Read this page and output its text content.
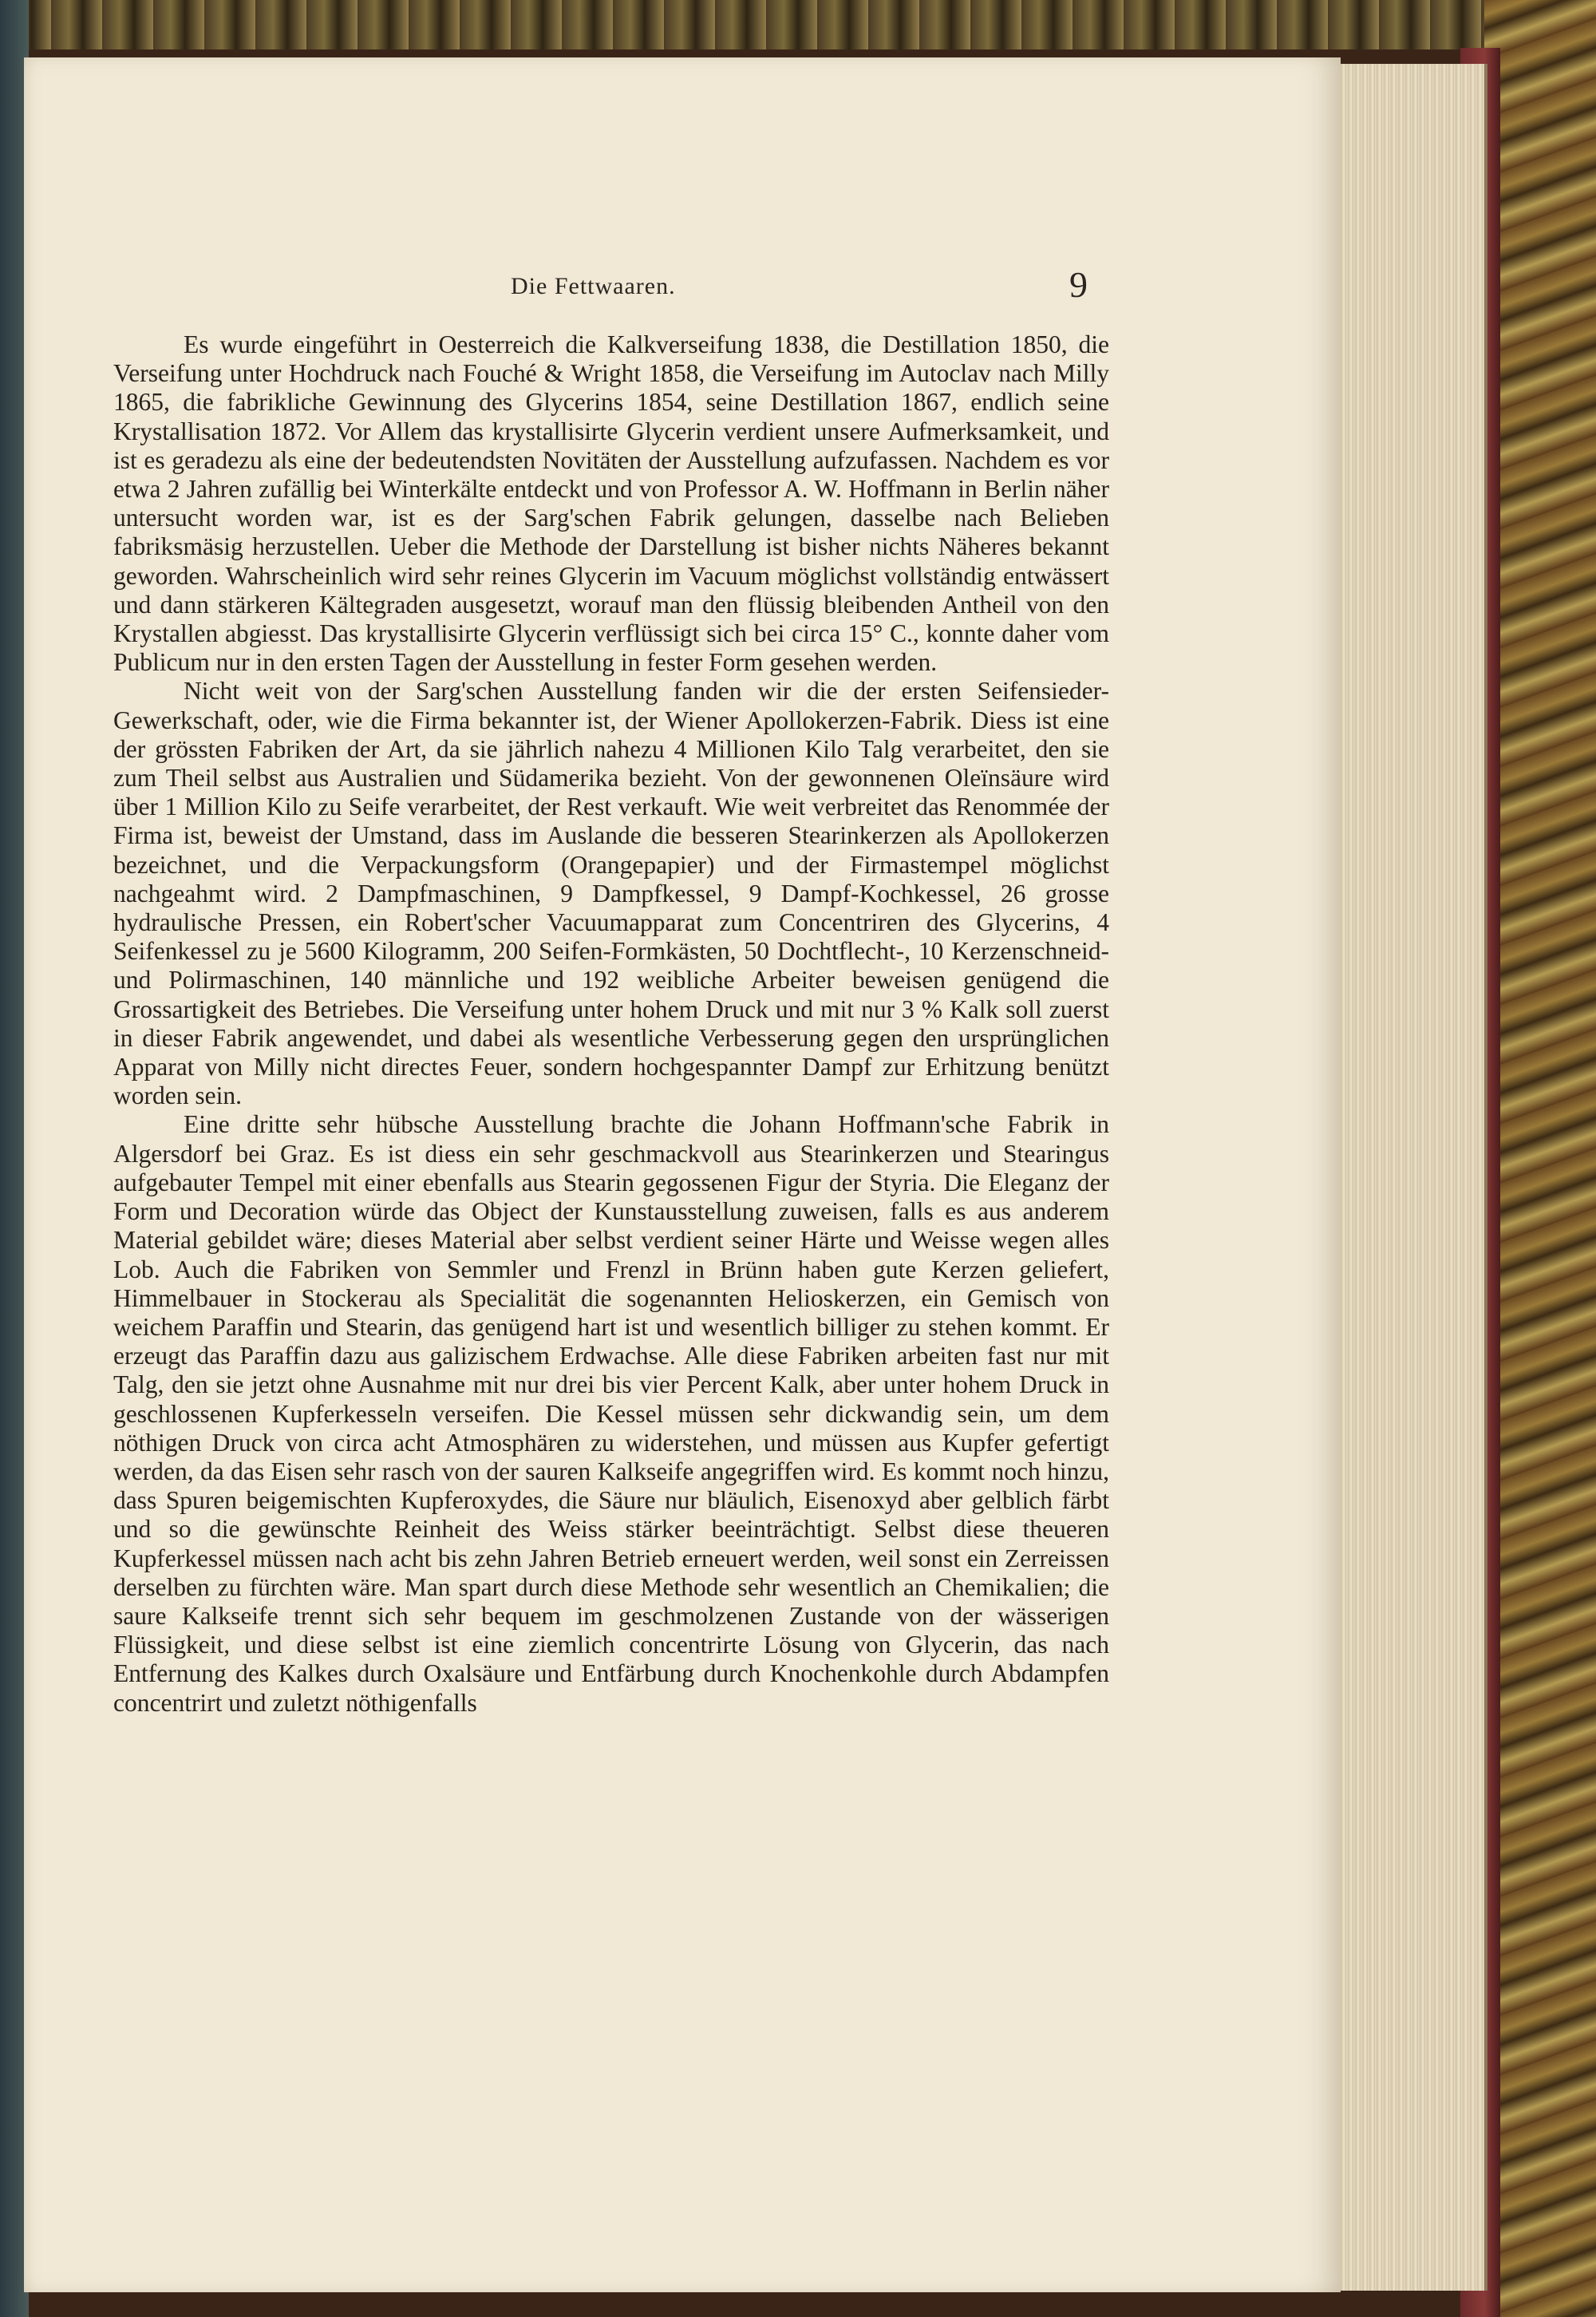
Die Fettwaaren.	9

Es wurde eingeführt in Oesterreich die Kalkverseifung 1838, die Destillation 1850, die Verseifung unter Hochdruck nach Fouché & Wright 1858, die Verseifung im Autoclav nach Milly 1865, die fabrikliche Gewinnung des Glycerins 1854, seine Destillation 1867, endlich seine Krystallisation 1872. Vor Allem das krystallisirte Glycerin verdient unsere Aufmerksamkeit, und ist es geradezu als eine der bedeutendsten Novitäten der Ausstellung aufzufassen. Nachdem es vor etwa 2 Jahren zufällig bei Winterkälte entdeckt und von Professor A. W. Hoffmann in Berlin näher untersucht worden war, ist es der Sarg'schen Fabrik gelungen, dasselbe nach Belieben fabriksmäsig herzustellen. Ueber die Methode der Darstellung ist bisher nichts Näheres bekannt geworden. Wahrscheinlich wird sehr reines Glycerin im Vacuum möglichst vollständig entwässert und dann stärkeren Kältegraden ausgesetzt, worauf man den flüssig bleibenden Antheil von den Krystallen abgiesst. Das krystallisirte Glycerin verflüssigt sich bei circa 15° C., konnte daher vom Publicum nur in den ersten Tagen der Ausstellung in fester Form gesehen werden.

Nicht weit von der Sarg'schen Ausstellung fanden wir die der ersten Seifensieder-Gewerkschaft, oder, wie die Firma bekannter ist, der Wiener Apollokerzen-Fabrik. Diess ist eine der grössten Fabriken der Art, da sie jährlich nahezu 4 Millionen Kilo Talg verarbeitet, den sie zum Theil selbst aus Australien und Südamerika bezieht. Von der gewonnenen Oleïnsäure wird über 1 Million Kilo zu Seife verarbeitet, der Rest verkauft. Wie weit verbreitet das Renommée der Firma ist, beweist der Umstand, dass im Auslande die besseren Stearinkerzen als Apollokerzen bezeichnet, und die Verpackungsform (Orangepapier) und der Firmastempel möglichst nachgeahmt wird. 2 Dampfmaschinen, 9 Dampfkessel, 9 Dampf-Kochkessel, 26 grosse hydraulische Pressen, ein Robert'scher Vacuumapparat zum Concentriren des Glycerins, 4 Seifenkessel zu je 5600 Kilogramm, 200 Seifen-Formkästen, 50 Dochtflecht-, 10 Kerzenschneid- und Polirmaschinen, 140 männliche und 192 weibliche Arbeiter beweisen genügend die Grossartigkeit des Betriebes. Die Verseifung unter hohem Druck und mit nur 3 % Kalk soll zuerst in dieser Fabrik angewendet, und dabei als wesentliche Verbesserung gegen den ursprünglichen Apparat von Milly nicht directes Feuer, sondern hochgespannter Dampf zur Erhitzung benützt worden sein.

Eine dritte sehr hübsche Ausstellung brachte die Johann Hoffmann'sche Fabrik in Algersdorf bei Graz. Es ist diess ein sehr geschmackvoll aus Stearinkerzen und Stearingus aufgebauter Tempel mit einer ebenfalls aus Stearin gegossenen Figur der Styria. Die Eleganz der Form und Decoration würde das Object der Kunstausstellung zuweisen, falls es aus anderem Material gebildet wäre; dieses Material aber selbst verdient seiner Härte und Weisse wegen alles Lob. Auch die Fabriken von Semmler und Frenzl in Brünn haben gute Kerzen geliefert, Himmelbauer in Stockerau als Specialität die sogenannten Helioskerzen, ein Gemisch von weichem Paraffin und Stearin, das genügend hart ist und wesentlich billiger zu stehen kommt. Er erzeugt das Paraffin dazu aus galizischem Erdwachse. Alle diese Fabriken arbeiten fast nur mit Talg, den sie jetzt ohne Ausnahme mit nur drei bis vier Percent Kalk, aber unter hohem Druck in geschlossenen Kupferkesseln verseifen. Die Kessel müssen sehr dickwandig sein, um dem nöthigen Druck von circa acht Atmosphären zu widerstehen, und müssen aus Kupfer gefertigt werden, da das Eisen sehr rasch von der sauren Kalkseife angegriffen wird. Es kommt noch hinzu, dass Spuren beigemischten Kupferoxydes, die Säure nur bläulich, Eisenoxyd aber gelblich färbt und so die gewünschte Reinheit des Weiss stärker beeinträchtigt. Selbst diese theueren Kupferkessel müssen nach acht bis zehn Jahren Betrieb erneuert werden, weil sonst ein Zerreissen derselben zu fürchten wäre. Man spart durch diese Methode sehr wesentlich an Chemikalien; die saure Kalkseife trennt sich sehr bequem im geschmolzenen Zustande von der wässerigen Flüssigkeit, und diese selbst ist eine ziemlich concentrirte Lösung von Glycerin, das nach Entfernung des Kalkes durch Oxalsäure und Entfärbung durch Knochenkohle durch Abdampfen concentrirt und zuletzt nöthigenfalls
